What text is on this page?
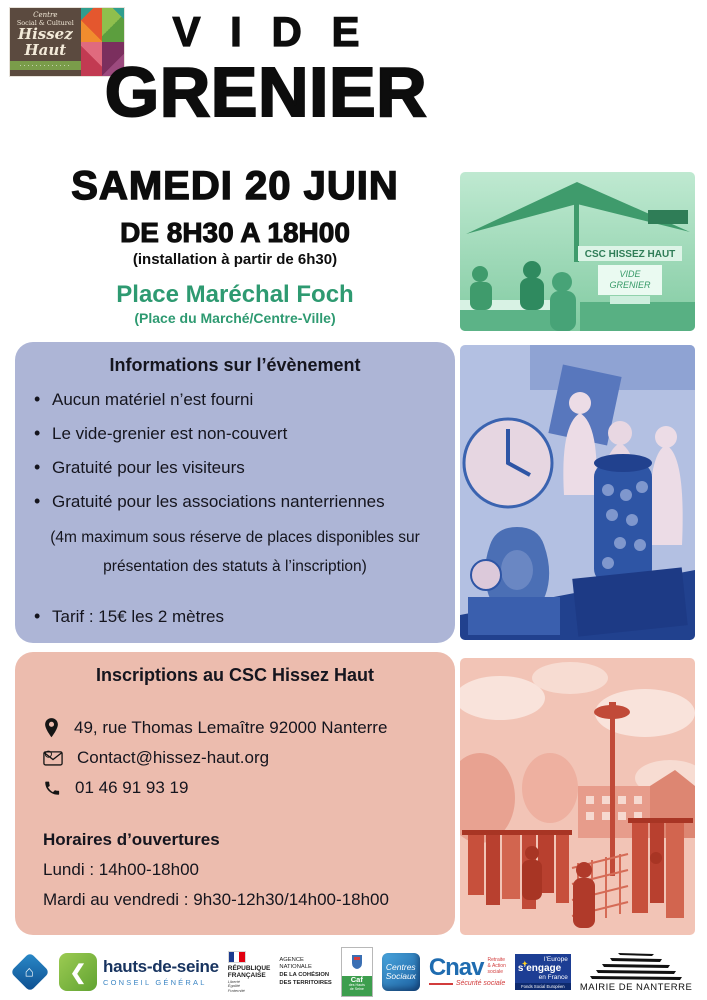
Centre
Social & Culturel
Hissez
Haut	V I D E
GRENIER
SAMEDI 20 JUIN
DE 8H30 A 18H00
(installation à partir de 6h30)
Place Maréchal Foch
(Place du Marché/Centre-Ville)
Informations sur l’évènement
• Aucun matériel n’est fourni
• Le vide-grenier est non-couvert
• Gratuité pour les visiteurs
• Gratuité pour les associations nanterriennes
(4m maximum sous réserve de places disponibles sur
présentation des statuts à l’inscription)
• Tarif : 15€ les 2 mètres
Inscriptions au CSC Hissez Haut
49, rue Thomas Lemaître 92000 Nanterre
Contact@hissez-haut.org
01 46 91 93 19
Horaires d’ouvertures
Lundi : 14h00-18h00
Mardi au vendredi : 9h30-12h30/14h00-18h00
CSC HISSEZ HAUT
VIDE
GRENIER
⌂	❮ hauts-de-seine
CONSEIL GÉNÉRAL
RÉPUBLIQUE
FRANÇAISE
Liberté
Égalité
Fraternité
AGENCE
NATIONALE
DE LA COHÉSION
DES TERRITOIRES	Caf
des Hauts
de Seine
Centres
Sociaux Cnav Retraite
& Action
sociale
Sécurité sociale
l’Europe
✦ s’engage
en France
Fonds Social Européen	MAIRIE DE NANTERRE
